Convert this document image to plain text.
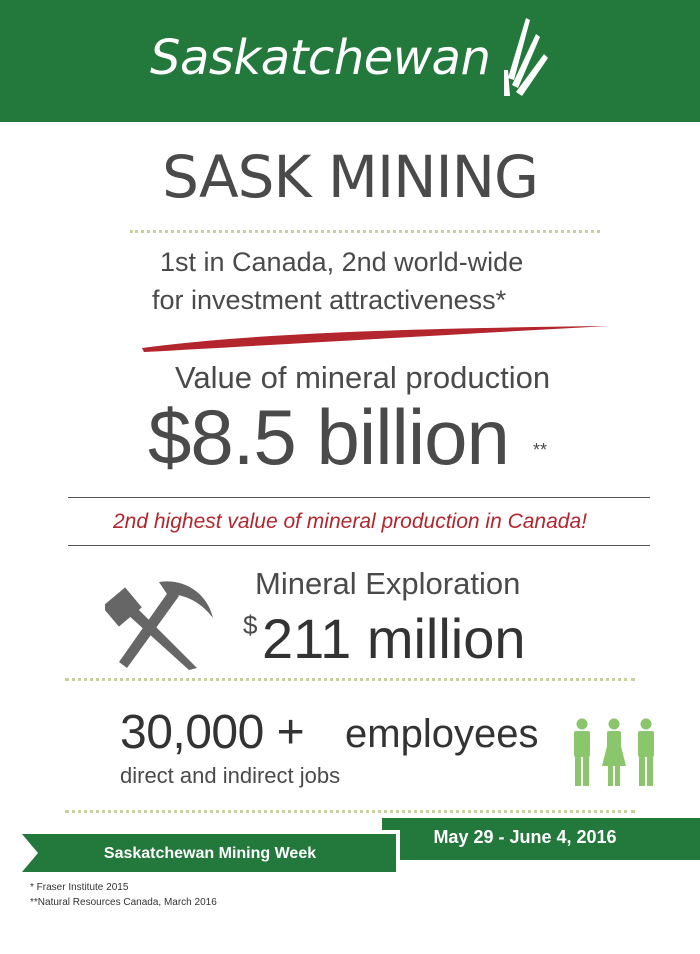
Saskatchewan
SASK MINING
1st in Canada, 2nd world-wide
for investment attractiveness*
Value of mineral production
$8.5 billion **
2nd highest value of mineral production in Canada!
Mineral Exploration
$ 211 million
30,000 + employees
direct and indirect jobs
May 29 - June 4, 2016
Saskatchewan Mining Week
* Fraser Institute 2015
**Natural Resources Canada, March 2016
